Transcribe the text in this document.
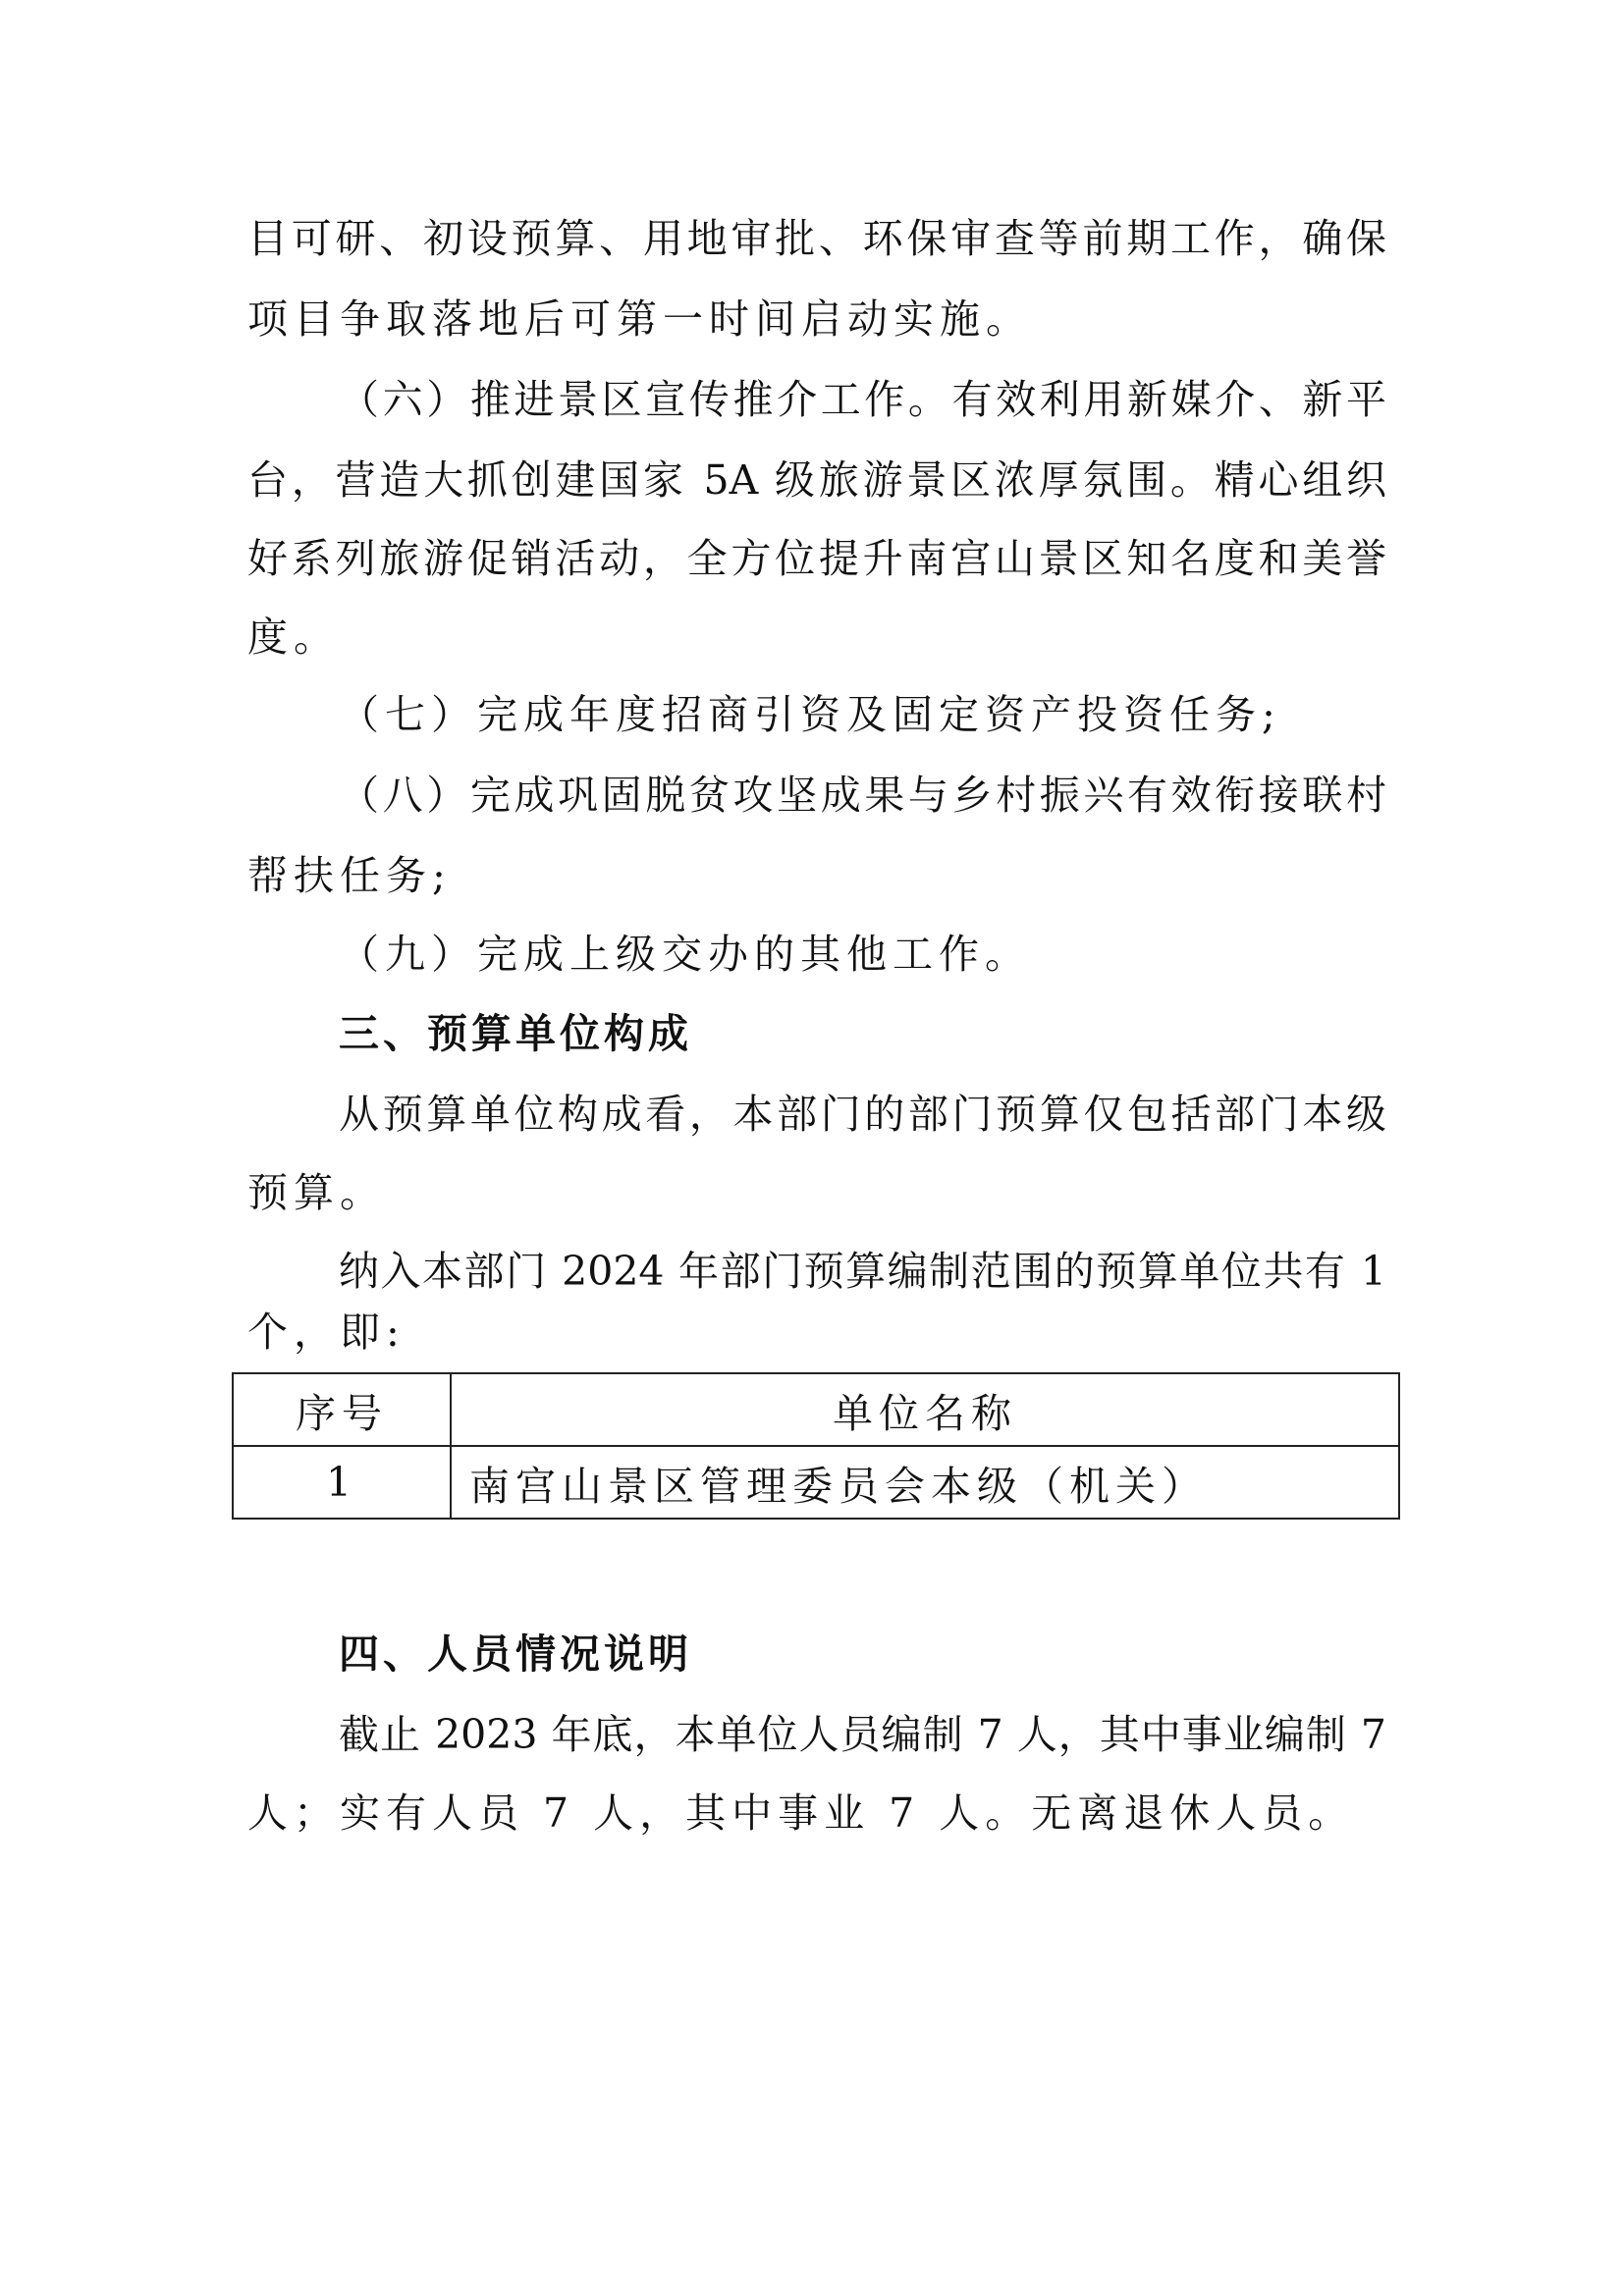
目可研、初设预算、用地审批、环保审查等前期工作，确保
项目争取落地后可第一时间启动实施。
（六）推进景区宣传推介工作。有效利用新媒介、新平
台，营造大抓创建国家 5A 级旅游景区浓厚氛围。精心组织
好系列旅游促销活动，全方位提升南宫山景区知名度和美誉
度。
（七）完成年度招商引资及固定资产投资任务;
（八）完成巩固脱贫攻坚成果与乡村振兴有效衔接联村
帮扶任务;
（九）完成上级交办的其他工作。
三、预算单位构成
从预算单位构成看，本部门的部门预算仅包括部门本级
预算。
纳入本部门 2024 年部门预算编制范围的预算单位共有 1
个，即:
序号	单位名称
1	南宫山景区管理委员会本级（机关）
四、人员情况说明
截止 2023 年底，本单位人员编制 7 人，其中事业编制 7
人；实有人员 7 人，其中事业 7 人。无离退休人员。
